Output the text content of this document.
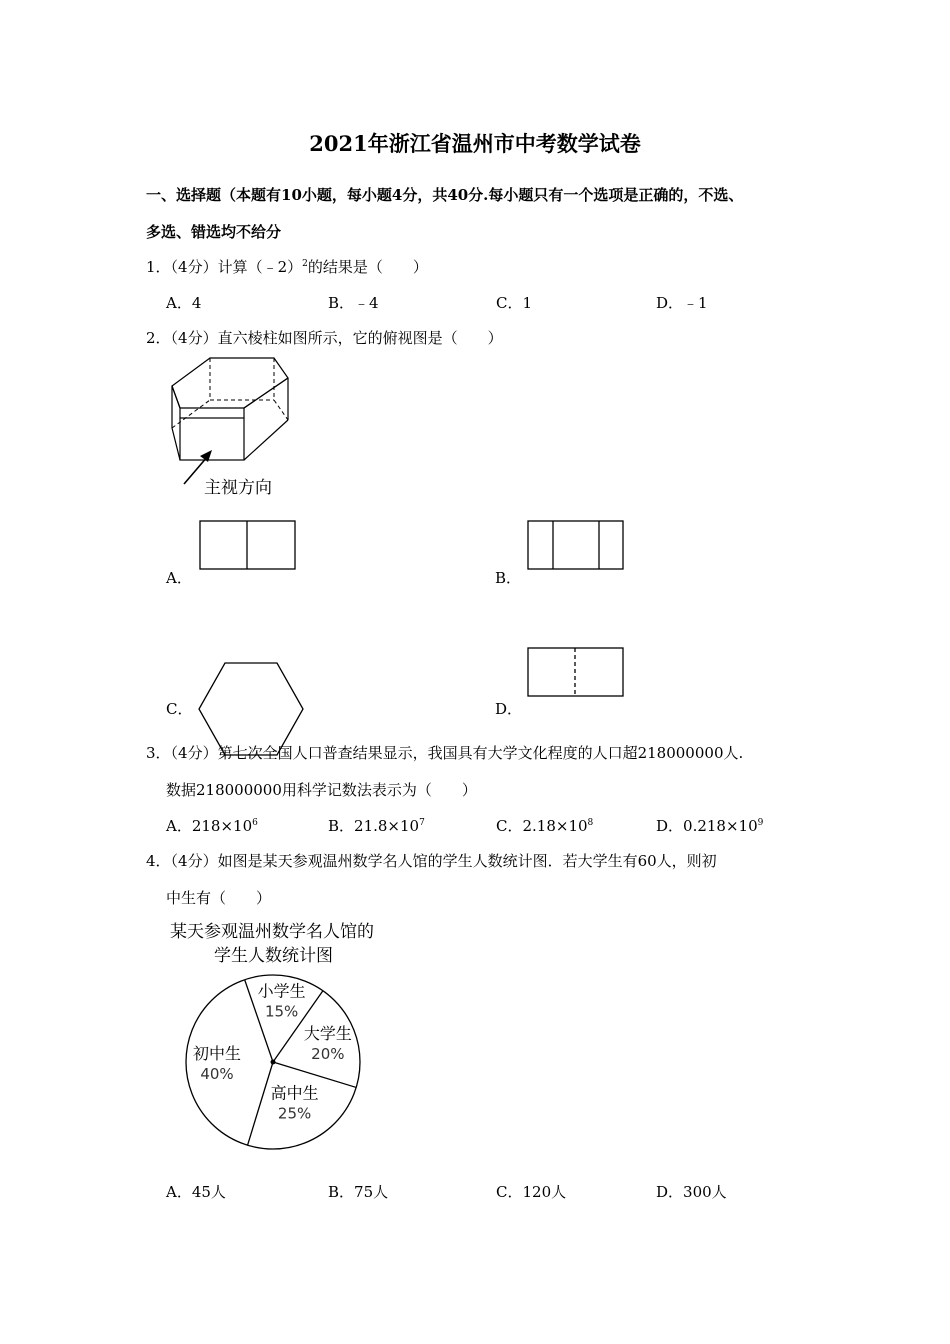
2021年浙江省温州市中考数学试卷
一、选择题（本题有10小题，每小题4分，共40分.每小题只有一个选项是正确的，不选、
多选、错选均不给分
1．（4分）计算（﹣2）$^2$的结果是（　　）
A．4	B．﹣4	C．1	D．﹣1
2．（4分）直六棱柱如图所示，它的俯视图是（　　）
主视方向
A．	B．
C．	D．
3．（4分）第七次全国人口普查结果显示，我国具有大学文化程度的人口超218000000人.
数据218000000用科学记数法表示为（　　）
A．$218\times 10^6$	B．$21.8\times 10^7$	C．$2.18\times 10^8$	D．$0.218\times 10^9$
4．（4分）如图是某天参观温州数学名人馆的学生人数统计图．若大学生有60人，则初
中生有（　　）
某天参观温州数学名人馆的
学生人数统计图
小学生
15%
大学生
20%
高中生
25%
初中生
40%
A．45人	B．75人	C．120人	D．300人
